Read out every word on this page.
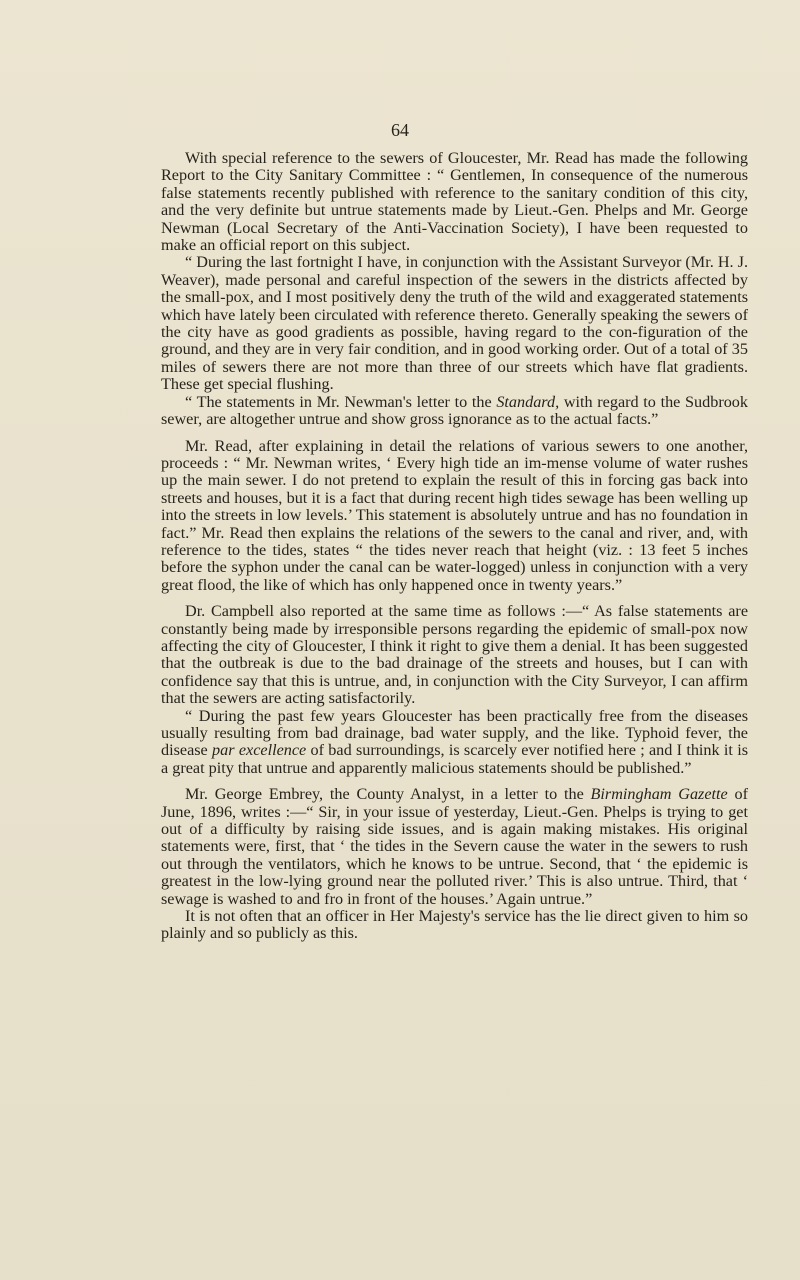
64

With special reference to the sewers of Gloucester, Mr. Read has made the following Report to the City Sanitary Committee : “ Gentlemen, In consequence of the numerous false statements recently published with reference to the sanitary condition of this city, and the very definite but untrue statements made by Lieut.-Gen. Phelps and Mr. George Newman (Local Secretary of the Anti-Vaccination Society), I have been requested to make an official report on this subject.

“ During the last fortnight I have, in conjunction with the Assistant Surveyor (Mr. H. J. Weaver), made personal and careful inspection of the sewers in the districts affected by the small-pox, and I most positively deny the truth of the wild and exaggerated statements which have lately been circulated with reference thereto. Generally speaking the sewers of the city have as good gradients as possible, having regard to the con-figuration of the ground, and they are in very fair condition, and in good working order. Out of a total of 35 miles of sewers there are not more than three of our streets which have flat gradients. These get special flushing.

“ The statements in Mr. Newman's letter to the Standard, with regard to the Sudbrook sewer, are altogether untrue and show gross ignorance as to the actual facts.”

Mr. Read, after explaining in detail the relations of various sewers to one another, proceeds : “ Mr. Newman writes, ‘ Every high tide an im-mense volume of water rushes up the main sewer. I do not pretend to explain the result of this in forcing gas back into streets and houses, but it is a fact that during recent high tides sewage has been welling up into the streets in low levels.’ This statement is absolutely untrue and has no foundation in fact.” Mr. Read then explains the relations of the sewers to the canal and river, and, with reference to the tides, states “ the tides never reach that height (viz. : 13 feet 5 inches before the syphon under the canal can be water-logged) unless in conjunction with a very great flood, the like of which has only happened once in twenty years.”

Dr. Campbell also reported at the same time as follows :—“ As false statements are constantly being made by irresponsible persons regarding the epidemic of small-pox now affecting the city of Gloucester, I think it right to give them a denial. It has been suggested that the outbreak is due to the bad drainage of the streets and houses, but I can with confidence say that this is untrue, and, in conjunction with the City Surveyor, I can affirm that the sewers are acting satisfactorily.

“ During the past few years Gloucester has been practically free from the diseases usually resulting from bad drainage, bad water supply, and the like. Typhoid fever, the disease par excellence of bad surroundings, is scarcely ever notified here ; and I think it is a great pity that untrue and apparently malicious statements should be published.”

Mr. George Embrey, the County Analyst, in a letter to the Birmingham Gazette of June, 1896, writes :—“ Sir, in your issue of yesterday, Lieut.-Gen. Phelps is trying to get out of a difficulty by raising side issues, and is again making mistakes. His original statements were, first, that ‘ the tides in the Severn cause the water in the sewers to rush out through the ventilators, which he knows to be untrue. Second, that ‘ the epidemic is greatest in the low-lying ground near the polluted river.’ This is also untrue. Third, that ‘ sewage is washed to and fro in front of the houses.’ Again untrue.”

It is not often that an officer in Her Majesty's service has the lie direct given to him so plainly and so publicly as this.
